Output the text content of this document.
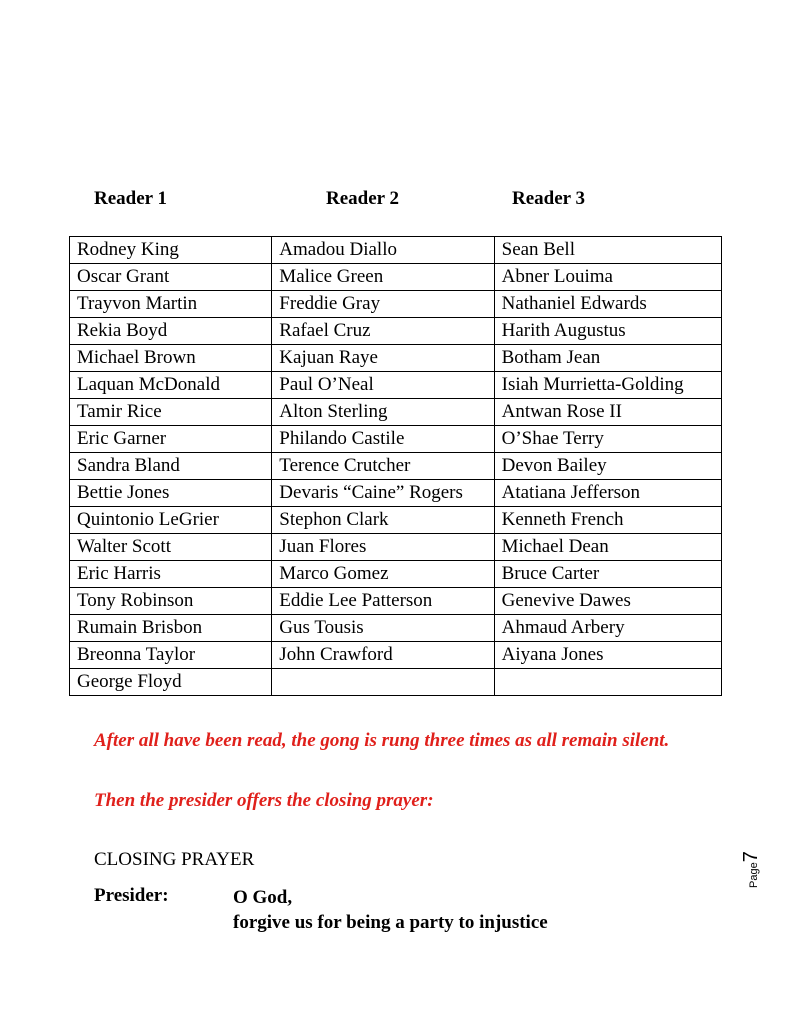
Reader 1	Reader 2	Reader 3
Rodney King	Amadou Diallo	Sean Bell
Oscar Grant	Malice Green	Abner Louima
Trayvon Martin	Freddie Gray	Nathaniel Edwards
Rekia Boyd	Rafael Cruz	Harith Augustus
Michael Brown	Kajuan Raye	Botham Jean
Laquan McDonald	Paul O’Neal	Isiah Murrietta-Golding
Tamir Rice	Alton Sterling	Antwan Rose II
Eric Garner	Philando Castile	O’Shae Terry
Sandra Bland	Terence Crutcher	Devon Bailey
Bettie Jones	Devaris “Caine” Rogers	Atatiana Jefferson
Quintonio LeGrier	Stephon Clark	Kenneth French
Walter Scott	Juan Flores	Michael Dean
Eric Harris	Marco Gomez	Bruce Carter
Tony Robinson	Eddie Lee Patterson	Genevive Dawes
Rumain Brisbon	Gus Tousis	Ahmaud Arbery
Breonna Taylor	John Crawford	Aiyana Jones
George Floyd		
After all have been read, the gong is rung three times as all remain silent.
Then the presider offers the closing prayer:
CLOSING PRAYER
Presider:	O God,
forgive us for being a party to injustice
Page7
